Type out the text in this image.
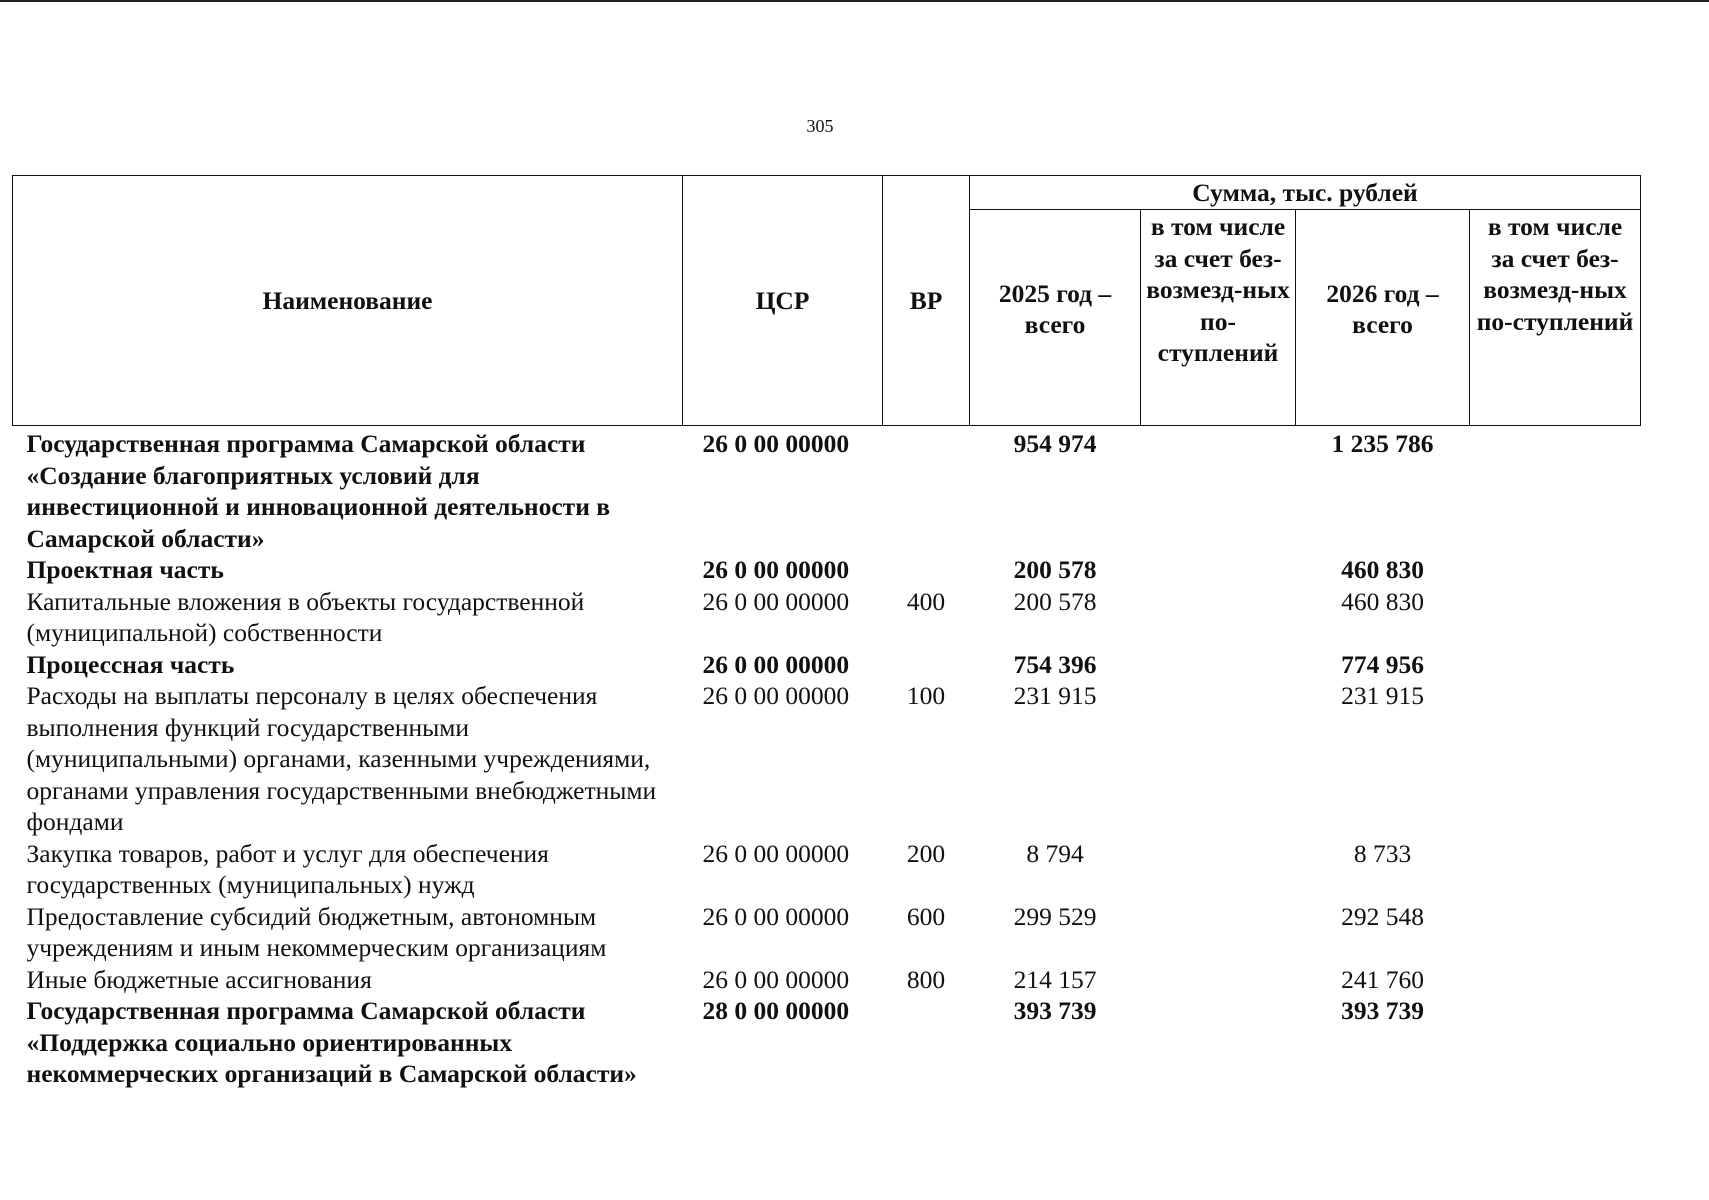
305
Наименование	ЦСР	ВР	Сумма, тыс. рублей			
			2025 год – всего	в том числе за счет без-возмезд-ных по-ступлений	2026 год – всего	в том числе за счет без-возмезд-ных по-ступлений
Государственная программа Самарской области «Создание благоприятных условий для инвестиционной и инновационной деятельности в Самарской области»	26 0 00 00000		954 974		1 235 786	
Проектная часть	26 0 00 00000		200 578		460 830	
Капитальные вложения в объекты государственной (муниципальной) собственности	26 0 00 00000	400	200 578		460 830	
Процессная часть	26 0 00 00000		754 396		774 956	
Расходы на выплаты персоналу в целях обеспечения выполнения функций государственными (муниципальными) органами, казенными учреждениями, органами управления государственными внебюджетными фондами	26 0 00 00000	100	231 915		231 915	
Закупка товаров, работ и услуг для обеспечения государственных (муниципальных) нужд	26 0 00 00000	200	8 794		8 733	
Предоставление субсидий бюджетным, автономным учреждениям и иным некоммерческим организациям	26 0 00 00000	600	299 529		292 548	
Иные бюджетные ассигнования	26 0 00 00000	800	214 157		241 760	
Государственная программа Самарской области «Поддержка социально ориентированных некоммерческих организаций в Самарской области»	28 0 00 00000		393 739		393 739	
